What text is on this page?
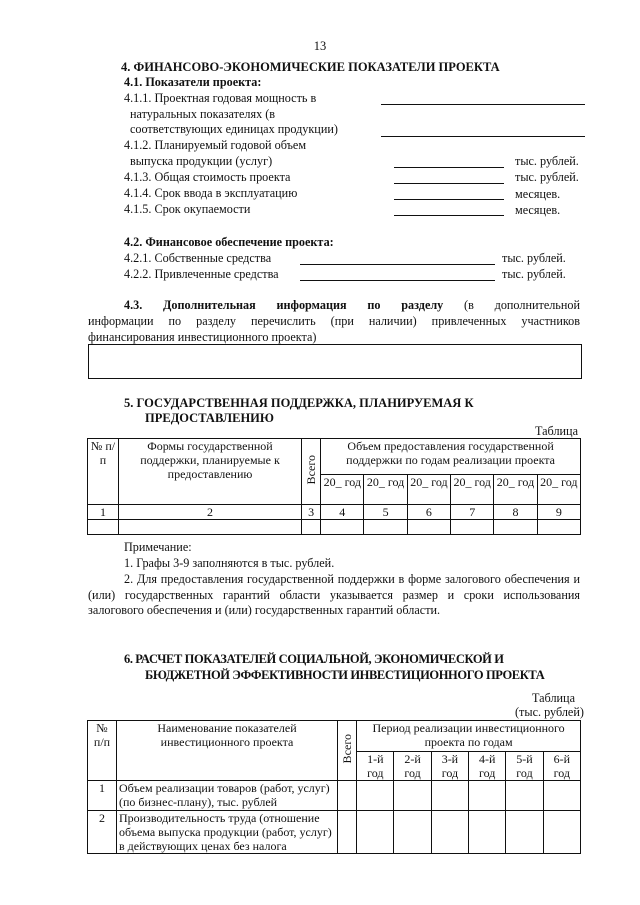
13
4. ФИНАНСОВО-ЭКОНОМИЧЕСКИЕ ПОКАЗАТЕЛИ ПРОЕКТА
4.1. Показатели проекта:
4.1.1. Проектная годовая мощность в
натуральных показателях (в
соответствующих единицах продукции)
4.1.2. Планируемый годовой объем
выпуска продукции (услуг)	тыс. рублей.
4.1.3. Общая стоимость проекта	тыс. рублей.
4.1.4. Срок ввода в эксплуатацию	месяцев.
4.1.5. Срок окупаемости	месяцев.
4.2. Финансовое обеспечение проекта:
4.2.1. Собственные средства	тыс. рублей.
4.2.2. Привлеченные средства	тыс. рублей.
4.3. Дополнительная информация по разделу (в дополнительной
информации по разделу перечислить (при наличии) привлеченных участников
финансирования инвестиционного проекта)
5. ГОСУДАРСТВЕННАЯ ПОДДЕРЖКА, ПЛАНИРУЕМАЯ К
ПРЕДОСТАВЛЕНИЮ
Таблица
№ п/п	Формы государственной поддержки, планируемые к предоставлению	Всего	Объем предоставления государственной поддержки по годам реализации проекта					
			20_ год	20_ год	20_ год	20_ год	20_ год	20_ год
1	2	3	4	5	6	7	8	9

Примечание:
1. Графы 3-9 заполняются в тыс. рублей.
2. Для предоставления государственной поддержки в форме залогового обеспечения и (или) государственных гарантий области указывается размер и сроки использования залогового обеспечения и (или) государственных гарантий области.
6. РАСЧЕТ ПОКАЗАТЕЛЕЙ СОЦИАЛЬНОЙ, ЭКОНОМИЧЕСКОЙ И
БЮДЖЕТНОЙ ЭФФЕКТИВНОСТИ ИНВЕСТИЦИОННОГО ПРОЕКТА
Таблица
(тыс. рублей)
№ п/п	Наименование показателей инвестиционного проекта	Всего	Период реализации инвестиционного проекта по годам					
			1-й год	2-й год	3-й год	4-й год	5-й год	6-й год
1	Объем реализации товаров (работ, услуг) (по бизнес-плану), тыс. рублей							
2	Производительность труда (отношение объема выпуска продукции (работ, услуг) в действующих ценах без налога							
